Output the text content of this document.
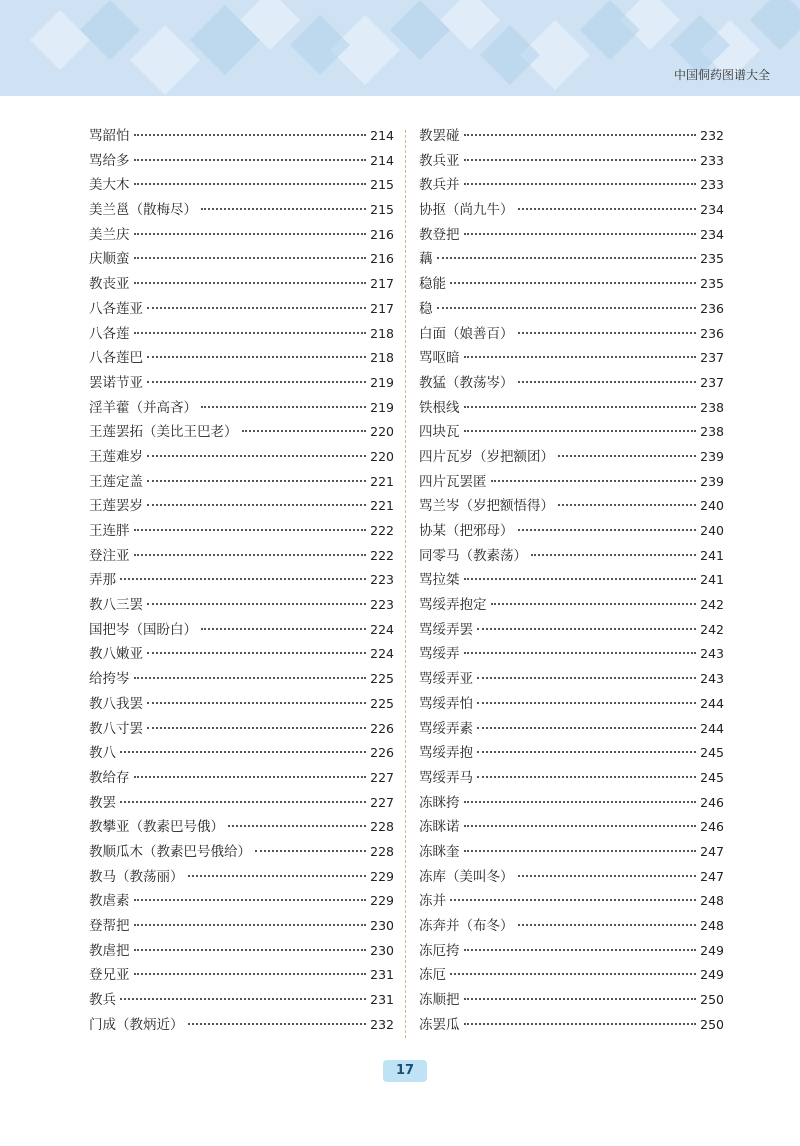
中国侗药图谱大全
骂韶怕	214
骂给多	214
美大木	215
美兰邕（散梅尽）	215
美兰庆	216
庆顺蛮	216
教丧亚	217
八各莲亚	217
八各莲	218
八各莲巴	218
罢诺节亚	219
淫羊藿（并高吝）	219
王莲罢拓（美比王巴老）	220
王莲难岁	220
王莲定盖	221
王莲罢岁	221
王连胖	222
登注亚	222
弄那	223
教八三罢	223
国把岑（国盼白）	224
教八嫩亚	224
给挎岑	225
教八我罢	225
教八寸罢	226
教八	226
教给存	227
教罢	227
教攀亚（教素巴号俄）	228
教顺瓜木（教素巴号俄给）	228
教马（教荡丽）	229
教虐素	229
登帮把	230
教虐把	230
登兄亚	231
教兵	231
门成（教炳近）	232
教罢碰	232
教兵亚	233
教兵并	233
协抠（尚九牛）	234
教登把	234
藕	235
稳能	235
稳	236
白面（娘善百）	236
骂呕暗	237
教猛（教荡岑）	237
铁根线	238
四块瓦	238
四片瓦岁（岁把额团）	239
四片瓦罢匿	239
骂兰岑（岁把额悟得）	240
协某（把邪母）	240
同零马（教素荡）	241
骂拉桀	241
骂绥弄抱定	242
骂绥弄罢	242
骂绥弄	243
骂绥弄亚	243
骂绥弄怕	244
骂绥弄素	244
骂绥弄抱	245
骂绥弄马	245
冻眯挎	246
冻眯诺	246
冻眯奎	247
冻库（美叫冬）	247
冻并	248
冻奔并（布冬）	248
冻厄挎	249
冻厄	249
冻顺把	250
冻罢瓜	250
17
